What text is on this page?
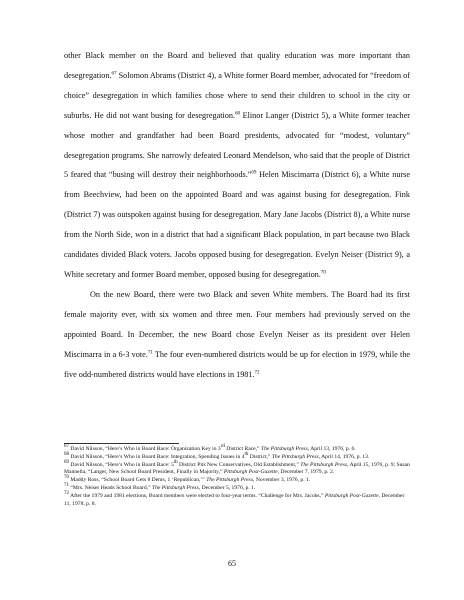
other Black member on the Board and believed that quality education was more important than desegregation.$^{67}$ Solomon Abrams (District 4), a White former Board member, advocated for “freedom of choice” desegregation in which families chose where to send their children to school in the city or suburbs. He did not want busing for desegregation.$^{68}$ Elinor Langer (District 5), a White former teacher whose mother and grandfather had been Board presidents, advocated for “modest, voluntary” desegregation programs. She narrowly defeated Leonard Mendelson, who said that the people of District 5 feared that “busing will destroy their neighborhoods.”$^{69}$ Helen Miscimarra (District 6), a White nurse from Beechview, had been on the appointed Board and was against busing for desegregation. Fink (District 7) was outspoken against busing for desegregation. Mary Jane Jacobs (District 8), a White nurse from the North Side, won in a district that had a significant Black population, in part because two Black candidates divided Black voters. Jacobs opposed busing for desegregation. Evelyn Neiser (District 9), a White secretary and former Board member, opposed busing for desegregation.$^{70}$

On the new Board, there were two Black and seven White members. The Board had its first female majority ever, with six women and three men. Four members had previously served on the appointed Board. In December, the new Board chose Evelyn Neiser as its president over Helen Miscimarra in a 6-3 vote.$^{71}$ The four even-numbered districts would be up for election in 1979, while the five odd-numbered districts would have elections in 1981.72

$^{67}$ David Nilsson, “Here’s Who in Board Race: Organization Key in 3rd District Race,” The Pittsburgh Press, April 13, 1976, p. 6.
$^{68}$ David Nilsson, “Here’s Who in Board Race: Integration, Spending Issues in 4th District,” The Pittsburgh Press, April 14, 1976, p. 13.
$^{69}$ David Nilsson, “Here’s Who in Board Race: 5th District Pits New Conservatives, Old Establishment,” The Pittsburgh Press, April 15, 1976, p. 9; Susan Mannella, “Langer, New School Board President, Finally in Majority,” Pittsburgh Post-Gazette, December 7, 1979, p. 2.
$^{70}$ Maddy Ross, “School Board Gets 8 Dems, 1 ‘Republican,’” The Pittsburgh Press, November 3, 1976, p. 1.
$^{71}$ “Mrs. Neiser Heads School Board,” The Pittsburgh Press, December 5, 1976, p. 1.
$^{72}$ After the 1979 and 1981 elections, Board members were elected to four-year terms. “Challenge for Mrs. Jacobs,” Pittsburgh Post-Gazette, December 11, 1978, p. 8.
65
